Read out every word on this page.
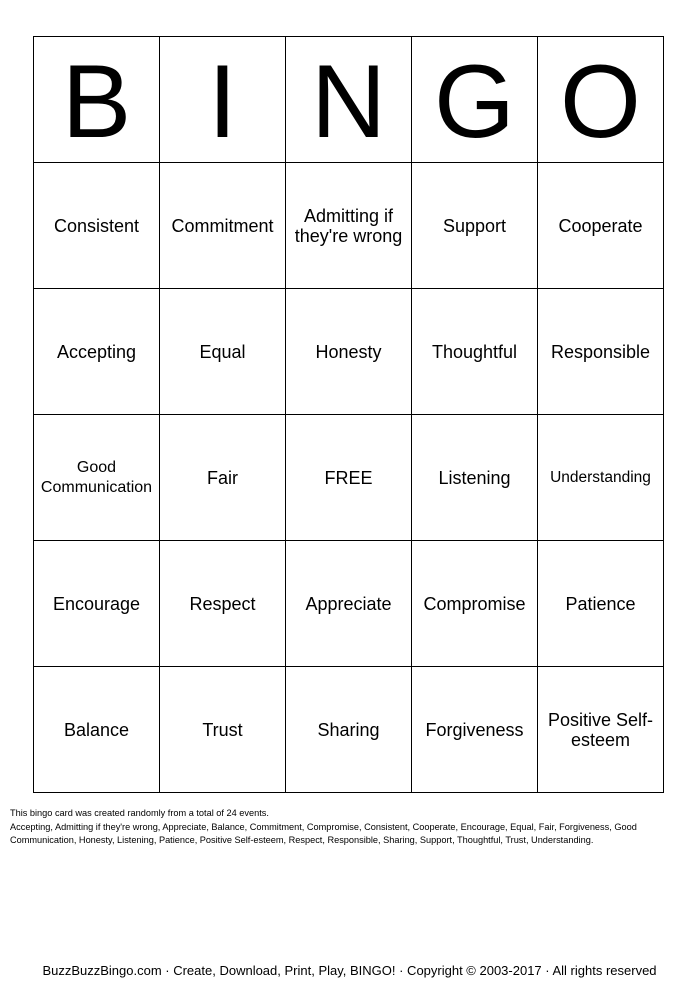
B	I	N	G	O
Consistent	Commitment	Admitting if they're wrong	Support	Cooperate
Accepting	Equal	Honesty	Thoughtful	Responsible
Good Communication	Fair	FREE	Listening	Understanding
Encourage	Respect	Appreciate	Compromise	Patience
Balance	Trust	Sharing	Forgiveness	Positive Self-esteem
This bingo card was created randomly from a total of 24 events.
Accepting, Admitting if they're wrong, Appreciate, Balance, Commitment, Compromise, Consistent, Cooperate, Encourage, Equal, Fair, Forgiveness, Good Communication, Honesty, Listening, Patience, Positive Self-esteem, Respect, Responsible, Sharing, Support, Thoughtful, Trust, Understanding.
BuzzBuzzBingo.com · Create, Download, Print, Play, BINGO! · Copyright © 2003-2017 · All rights reserved
